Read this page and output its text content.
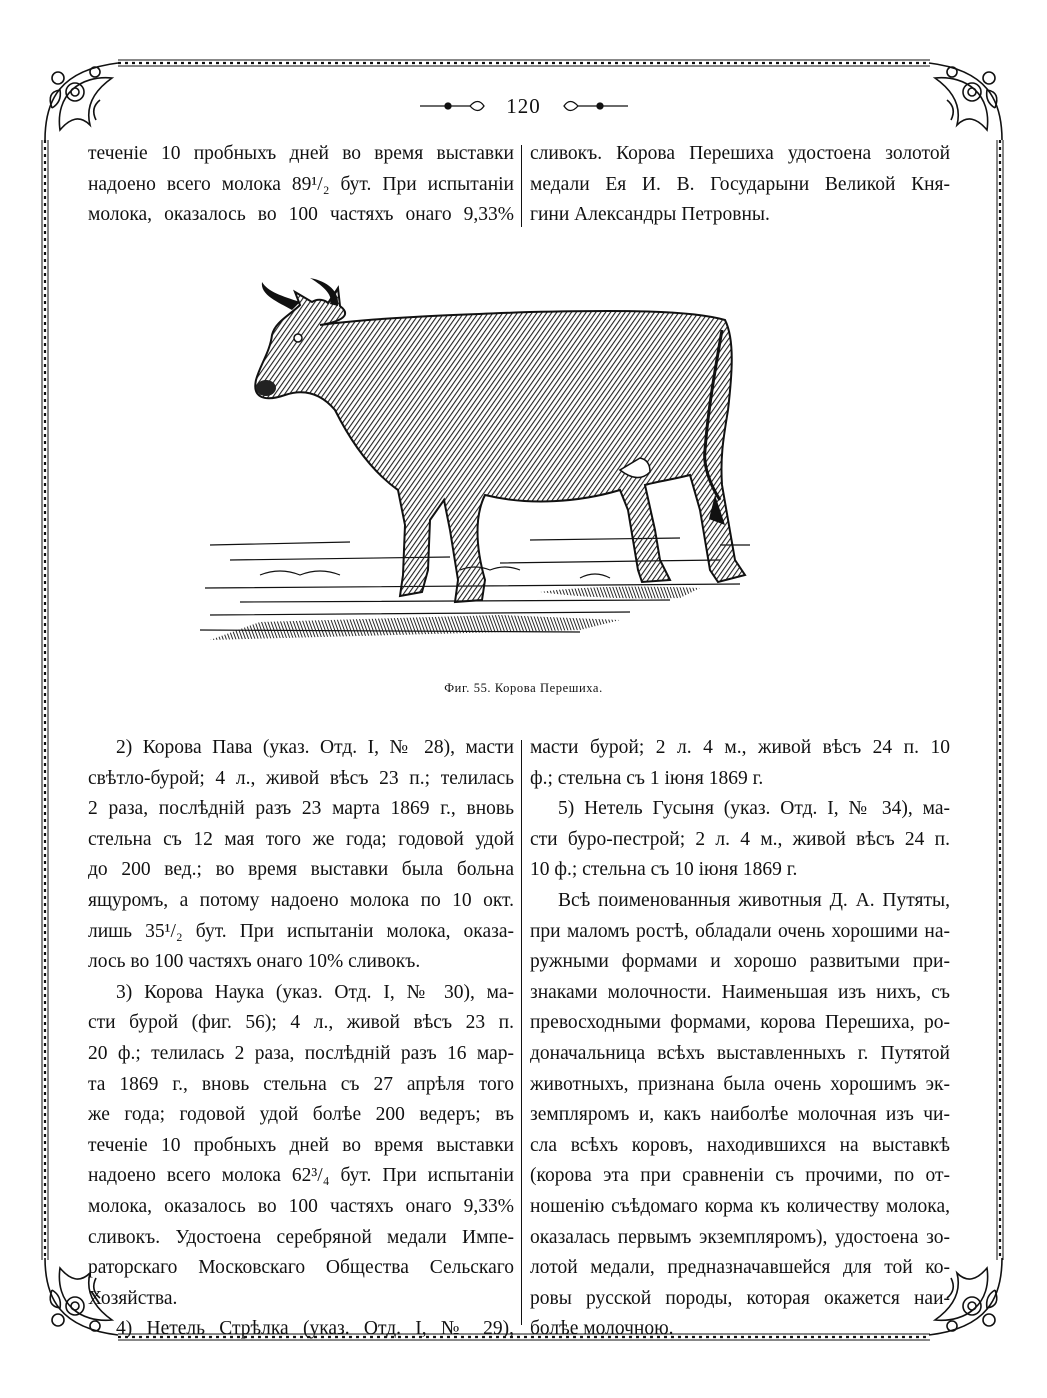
120
теченіе 10 пробныхъ дней во время выставки
надоено всего молока 89¹/₂ бут. При испытаніи
молока, оказалось во 100 частяхъ онаго 9,33%
сливокъ. Корова Перешиха удостоена золотой
медали Ея И. В. Государыни Великой Кня-
гини Александры Петровны.
Фиг. 55. Корова Перешиха.
2) Корова Пава (указ. Отд. I, № 28), масти
свѣтло-бурой; 4 л., живой вѣсъ 23 п.; телилась
2 раза, послѣдній разъ 23 марта 1869 г., вновь
стельна съ 12 мая того же года; годовой удой
до 200 вед.; во время выставки была больна
ящуромъ, а потому надоено молока по 10 окт.
лишь 35¹/₂ бут. При испытаніи молока, оказа-
лось во 100 частяхъ онаго 10% сливокъ.
3) Корова Наука (указ. Отд. I, № 30), ма-
сти бурой (фиг. 56); 4 л., живой вѣсъ 23 п.
20 ф.; телилась 2 раза, послѣдній разъ 16 мар-
та 1869 г., вновь стельна съ 27 апрѣля того
же года; годовой удой болѣе 200 ведеръ; въ
теченіе 10 пробныхъ дней во время выставки
надоено всего молока 62³/₄ бут. При испытаніи
молока, оказалось во 100 частяхъ онаго 9,33%
сливокъ. Удостоена серебряной медали Импе-
раторскаго Московскаго Общества Сельскаго
Хозяйства.
4) Нетель Стрѣлка (указ. Отд. I, № 29),
масти бурой; 2 л. 4 м., живой вѣсъ 24 п. 10
ф.; стельна съ 1 іюня 1869 г.
5) Нетель Гусыня (указ. Отд. I, № 34), ма-
сти буро-пестрой; 2 л. 4 м., живой вѣсъ 24 п.
10 ф.; стельна съ 10 іюня 1869 г.
Всѣ поименованныя животныя Д. А. Путяты,
при маломъ ростѣ, обладали очень хорошими на-
ружными формами и хорошо развитыми при-
знаками молочности. Наименьшая изъ нихъ, съ
превосходными формами, корова Перешиха, ро-
доначальница всѣхъ выставленныхъ г. Путятой
животныхъ, признана была очень хорошимъ эк-
земпляромъ и, какъ наиболѣе молочная изъ чи-
сла всѣхъ коровъ, находившихся на выставкѣ
(корова эта при сравненіи съ прочими, по от-
ношенію съѣдомаго корма къ количеству молока,
оказалась первымъ экземпляромъ), удостоена зо-
лотой медали, предназначавшейся для той ко-
ровы русской породы, которая окажется наи-
болѣе молочною.
